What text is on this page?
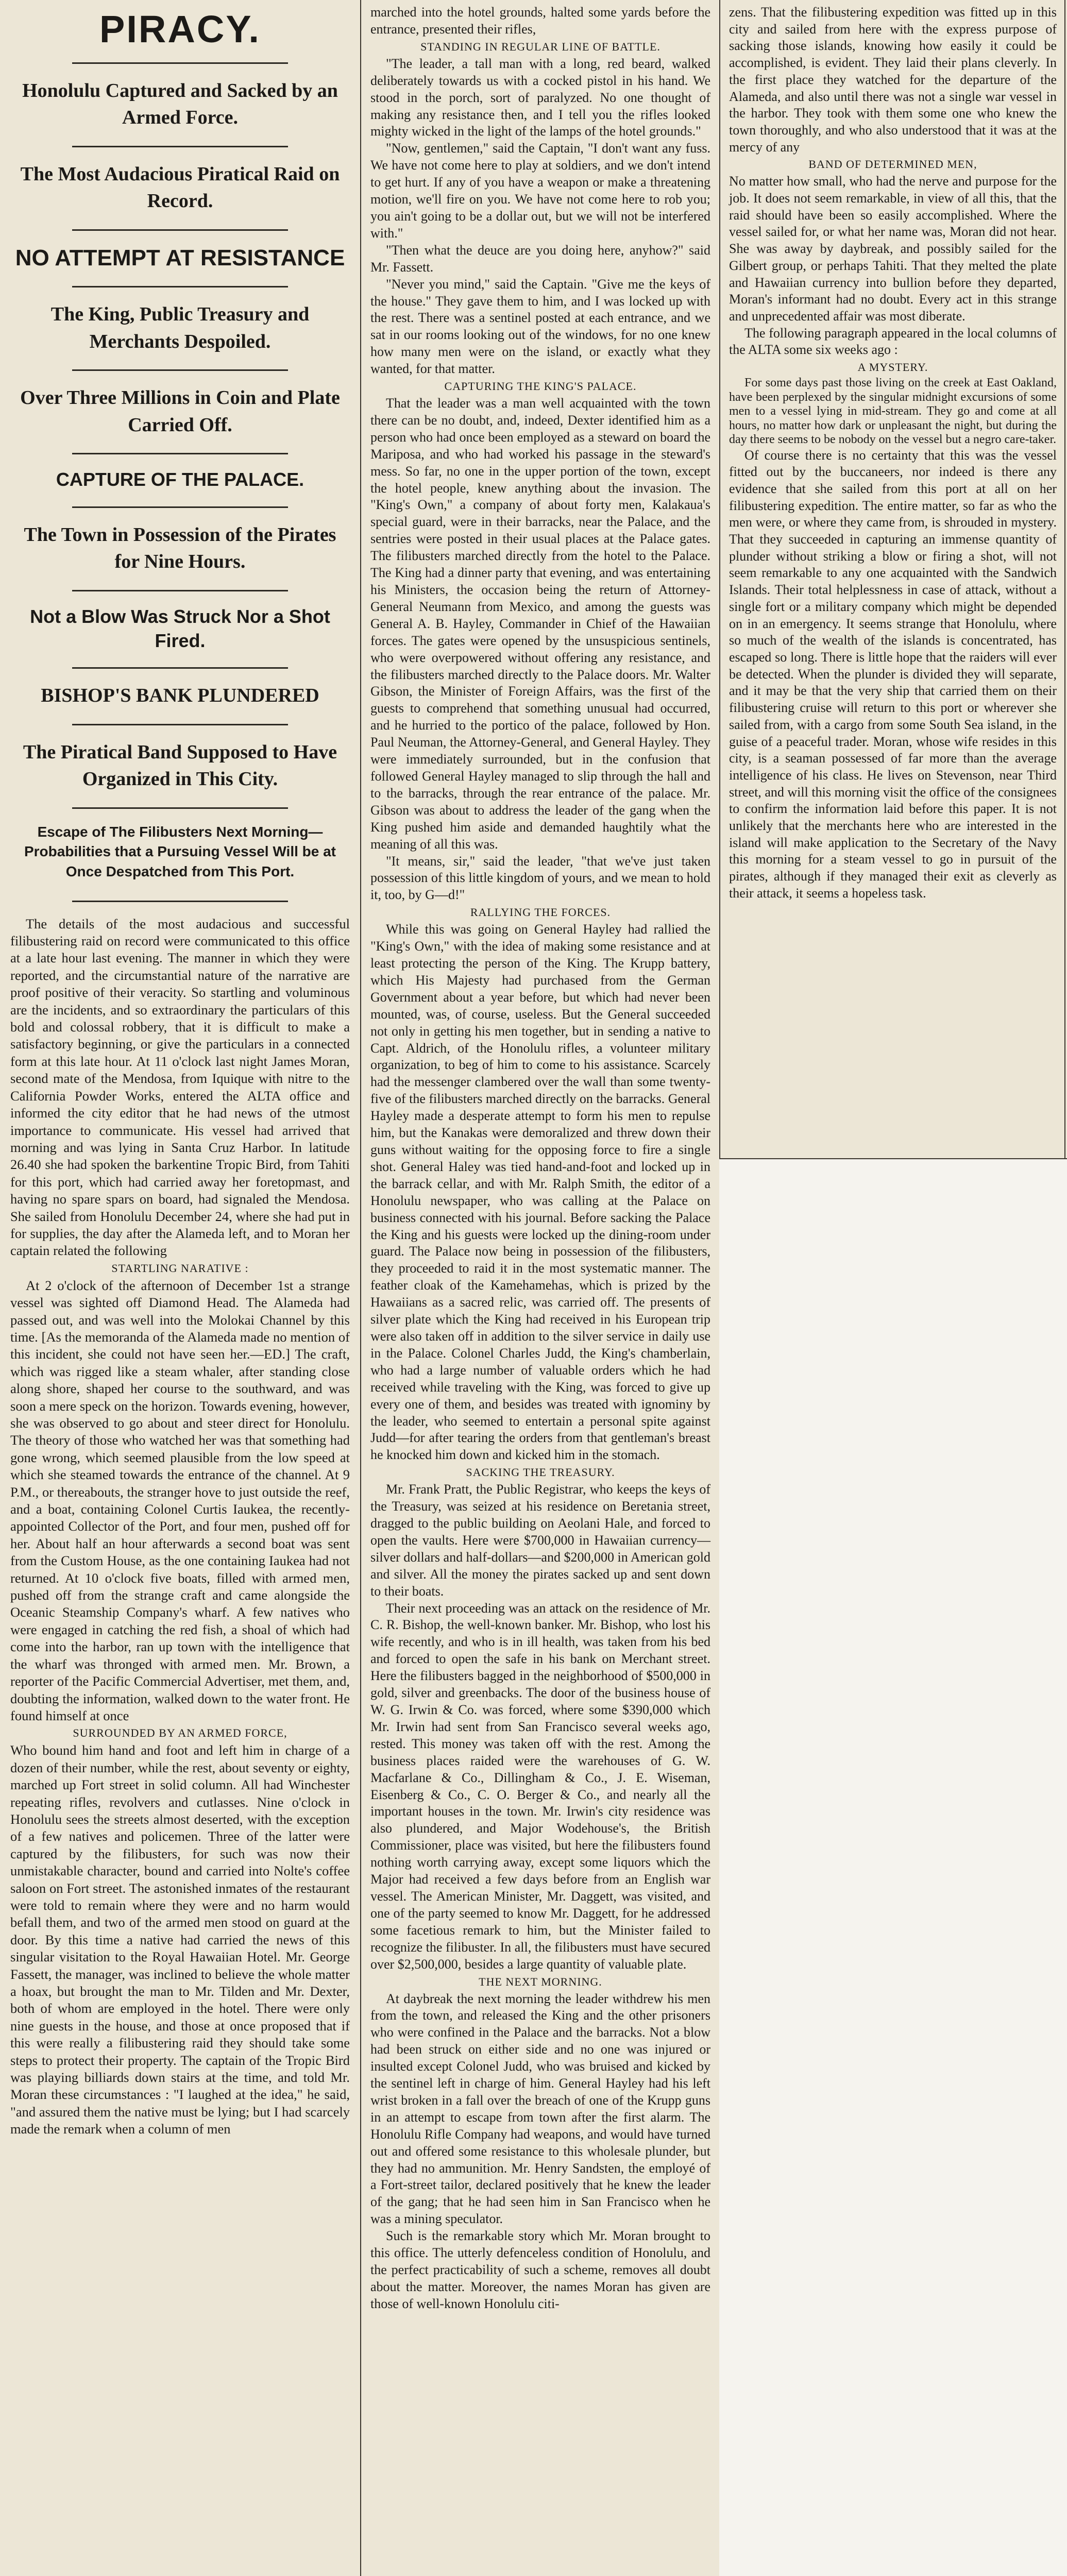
PIRACY.
Honolulu Captured and Sacked by an Armed Force.
The Most Audacious Piratical Raid on Record.
NO ATTEMPT AT RESISTANCE
The King, Public Treasury and Merchants Despoiled.
Over Three Millions in Coin and Plate Carried Off.
CAPTURE OF THE PALACE.
The Town in Possession of the Pirates for Nine Hours.
Not a Blow Was Struck Nor a Shot Fired.
BISHOP'S BANK PLUNDERED
The Piratical Band Supposed to Have Organized in This City.
Escape of The Filibusters Next Morning—Probabilities that a Pursuing Vessel Will be at Once Despatched from This Port.

The details of the most audacious and successful filibustering raid on record were communicated to this office at a late hour last evening. The manner in which they were reported, and the circumstantial nature of the narrative are proof positive of their veracity. So startling and voluminous are the incidents, and so extraordinary the particulars of this bold and colossal robbery, that it is difficult to make a satisfactory beginning, or give the particulars in a connected form at this late hour. At 11 o'clock last night James Moran, second mate of the Mendosa, from Iquique with nitre to the California Powder Works, entered the ALTA office and informed the city editor that he had news of the utmost importance to communicate. His vessel had arrived that morning and was lying in Santa Cruz Harbor. In latitude 26.40 she had spoken the barkentine Tropic Bird, from Tahiti for this port, which had carried away her foretopmast, and having no spare spars on board, had signaled the Mendosa. She sailed from Honolulu December 24, where she had put in for supplies, the day after the Alameda left, and to Moran her captain related the following

STARTLING NARATIVE :

At 2 o'clock of the afternoon of December 1st a strange vessel was sighted off Diamond Head. The Alameda had passed out, and was well into the Molokai Channel by this time. [As the memoranda of the Alameda made no mention of this incident, she could not have seen her.—ED.] The craft, which was rigged like a steam whaler, after standing close along shore, shaped her course to the southward, and was soon a mere speck on the horizon. Towards evening, however, she was observed to go about and steer direct for Honolulu. The theory of those who watched her was that something had gone wrong, which seemed plausible from the low speed at which she steamed towards the entrance of the channel. At 9 P.M., or thereabouts, the stranger hove to just outside the reef, and a boat, containing Colonel Curtis Iaukea, the recently-appointed Collector of the Port, and four men, pushed off for her. About half an hour afterwards a second boat was sent from the Custom House, as the one containing Iaukea had not returned. At 10 o'clock five boats, filled with armed men, pushed off from the strange craft and came alongside the Oceanic Steamship Company's wharf. A few natives who were engaged in catching the red fish, a shoal of which had come into the harbor, ran up town with the intelligence that the wharf was thronged with armed men. Mr. Brown, a reporter of the Pacific Commercial Advertiser, met them, and, doubting the information, walked down to the water front. He found himself at once

SURROUNDED BY AN ARMED FORCE,

Who bound him hand and foot and left him in charge of a dozen of their number, while the rest, about seventy or eighty, marched up Fort street in solid column. All had Winchester repeating rifles, revolvers and cutlasses. Nine o'clock in Honolulu sees the streets almost deserted, with the exception of a few natives and policemen. Three of the latter were captured by the filibusters, for such was now their unmistakable character, bound and carried into Nolte's coffee saloon on Fort street. The astonished inmates of the restaurant were told to remain where they were and no harm would befall them, and two of the armed men stood on guard at the door. By this time a native had carried the news of this singular visitation to the Royal Hawaiian Hotel. Mr. George Fassett, the manager, was inclined to believe the whole matter a hoax, but brought the man to Mr. Tilden and Mr. Dexter, both of whom are employed in the hotel. There were only nine guests in the house, and those at once proposed that if this were really a filibustering raid they should take some steps to protect their property. The captain of the Tropic Bird was playing billiards down stairs at the time, and told Mr. Moran these circumstances : "I laughed at the idea," he said, "and assured them the native must be lying; but I had scarcely made the remark when a column of men

marched into the hotel grounds, halted some yards before the entrance, presented their rifles,

STANDING IN REGULAR LINE OF BATTLE.

"The leader, a tall man with a long, red beard, walked deliberately towards us with a cocked pistol in his hand. We stood in the porch, sort of paralyzed. No one thought of making any resistance then, and I tell you the rifles looked mighty wicked in the light of the lamps of the hotel grounds."

"Now, gentlemen," said the Captain, "I don't want any fuss. We have not come here to play at soldiers, and we don't intend to get hurt. If any of you have a weapon or make a threatening motion, we'll fire on you. We have not come here to rob you; you ain't going to be a dollar out, but we will not be interfered with."

"Then what the deuce are you doing here, anyhow?" said Mr. Fassett.

"Never you mind," said the Captain. "Give me the keys of the house." They gave them to him, and I was locked up with the rest. There was a sentinel posted at each entrance, and we sat in our rooms looking out of the windows, for no one knew how many men were on the island, or exactly what they wanted, for that matter.

CAPTURING THE KING'S PALACE.

That the leader was a man well acquainted with the town there can be no doubt, and, indeed, Dexter identified him as a person who had once been employed as a steward on board the Mariposa, and who had worked his passage in the steward's mess. So far, no one in the upper portion of the town, except the hotel people, knew anything about the invasion. The "King's Own," a company of about forty men, Kalakaua's special guard, were in their barracks, near the Palace, and the sentries were posted in their usual places at the Palace gates. The filibusters marched directly from the hotel to the Palace. The King had a dinner party that evening, and was entertaining his Ministers, the occasion being the return of Attorney-General Neumann from Mexico, and among the guests was General A. B. Hayley, Commander in Chief of the Hawaiian forces. The gates were opened by the unsuspicious sentinels, who were overpowered without offering any resistance, and the filibusters marched directly to the Palace doors. Mr. Walter Gibson, the Minister of Foreign Affairs, was the first of the guests to comprehend that something unusual had occurred, and he hurried to the portico of the palace, followed by Hon. Paul Neuman, the Attorney-General, and General Hayley. They were immediately surrounded, but in the confusion that followed General Hayley managed to slip through the hall and to the barracks, through the rear entrance of the palace. Mr. Gibson was about to address the leader of the gang when the King pushed him aside and demanded haughtily what the meaning of all this was.

"It means, sir," said the leader, "that we've just taken possession of this little kingdom of yours, and we mean to hold it, too, by G—d!"

RALLYING THE FORCES.

While this was going on General Hayley had rallied the "King's Own," with the idea of making some resistance and at least protecting the person of the King. The Krupp battery, which His Majesty had purchased from the German Government about a year before, but which had never been mounted, was, of course, useless. But the General succeeded not only in getting his men together, but in sending a native to Capt. Aldrich, of the Honolulu rifles, a volunteer military organization, to beg of him to come to his assistance. Scarcely had the messenger clambered over the wall than some twenty-five of the filibusters marched directly on the barracks. General Hayley made a desperate attempt to form his men to repulse him, but the Kanakas were demoralized and threw down their guns without waiting for the opposing force to fire a single shot. General Haley was tied hand-and-foot and locked up in the barrack cellar, and with Mr. Ralph Smith, the editor of a Honolulu newspaper, who was calling at the Palace on business connected with his journal. Before sacking the Palace the King and his guests were locked up the dining-room under guard. The Palace now being in possession of the filibusters, they proceeded to raid it in the most systematic manner. The feather cloak of the Kamehamehas, which is prized by the Hawaiians as a sacred relic, was carried off. The presents of silver plate which the King had received in his European trip were also taken off in addition to the silver service in daily use in the Palace. Colonel Charles Judd, the King's chamberlain, who had a large number of valuable orders which he had received while traveling with the King, was forced to give up every one of them, and besides was treated with ignominy by the leader, who seemed to entertain a personal spite against Judd—for after tearing the orders from that gentleman's breast he knocked him down and kicked him in the stomach.

SACKING THE TREASURY.

Mr. Frank Pratt, the Public Registrar, who keeps the keys of the Treasury, was seized at his residence on Beretania street, dragged to the public building on Aeolani Hale, and forced to open the vaults. Here were $700,000 in Hawaiian currency—silver dollars and half-dollars—and $200,000 in American gold and silver. All the money the pirates sacked up and sent down to their boats.

Their next proceeding was an attack on the residence of Mr. C. R. Bishop, the well-known banker. Mr. Bishop, who lost his wife recently, and who is in ill health, was taken from his bed and forced to open the safe in his bank on Merchant street. Here the filibusters bagged in the neighborhood of $500,000 in gold, silver and greenbacks. The door of the business house of W. G. Irwin & Co. was forced, where some $390,000 which Mr. Irwin had sent from San Francisco several weeks ago, rested. This money was taken off with the rest. Among the business places raided were the warehouses of G. W. Macfarlane & Co., Dillingham & Co., J. E. Wiseman, Eisenberg & Co., C. O. Berger & Co., and nearly all the important houses in the town. Mr. Irwin's city residence was also plundered, and Major Wodehouse's, the British Commissioner, place was visited, but here the filibusters found nothing worth carrying away, except some liquors which the Major had received a few days before from an English war vessel. The American Minister, Mr. Daggett, was visited, and one of the party seemed to know Mr. Daggett, for he addressed some facetious remark to him, but the Minister failed to recognize the filibuster. In all, the filibusters must have secured over $2,500,000, besides a large quantity of valuable plate.

THE NEXT MORNING.

At daybreak the next morning the leader withdrew his men from the town, and released the King and the other prisoners who were confined in the Palace and the barracks. Not a blow had been struck on either side and no one was injured or insulted except Colonel Judd, who was bruised and kicked by the sentinel left in charge of him. General Hayley had his left wrist broken in a fall over the breach of one of the Krupp guns in an attempt to escape from town after the first alarm. The Honolulu Rifle Company had weapons, and would have turned out and offered some resistance to this wholesale plunder, but they had no ammunition. Mr. Henry Sandsten, the employé of a Fort-street tailor, declared positively that he knew the leader of the gang; that he had seen him in San Francisco when he was a mining speculator.

Such is the remarkable story which Mr. Moran brought to this office. The utterly defenceless condition of Honolulu, and the perfect practicability of such a scheme, removes all doubt about the matter. Moreover, the names Moran has given are those of well-known Honolulu citi-

zens. That the filibustering expedition was fitted up in this city and sailed from here with the express purpose of sacking those islands, knowing how easily it could be accomplished, is evident. They laid their plans cleverly. In the first place they watched for the departure of the Alameda, and also until there was not a single war vessel in the harbor. They took with them some one who knew the town thoroughly, and who also understood that it was at the mercy of any

BAND OF DETERMINED MEN,

No matter how small, who had the nerve and purpose for the job. It does not seem remarkable, in view of all this, that the raid should have been so easily accomplished. Where the vessel sailed for, or what her name was, Moran did not hear. She was away by daybreak, and possibly sailed for the Gilbert group, or perhaps Tahiti. That they melted the plate and Hawaiian currency into bullion before they departed, Moran's informant had no doubt. Every act in this strange and unprecedented affair was most diberate.

The following paragraph appeared in the local columns of the ALTA some six weeks ago :

A MYSTERY.

For some days past those living on the creek at East Oakland, have been perplexed by the singular midnight excursions of some men to a vessel lying in mid-stream. They go and come at all hours, no matter how dark or unpleasant the night, but during the day there seems to be nobody on the vessel but a negro care-taker.

Of course there is no certainty that this was the vessel fitted out by the buccaneers, nor indeed is there any evidence that she sailed from this port at all on her filibustering expedition. The entire matter, so far as who the men were, or where they came from, is shrouded in mystery. That they succeeded in capturing an immense quantity of plunder without striking a blow or firing a shot, will not seem remarkable to any one acquainted with the Sandwich Islands. Their total helplessness in case of attack, without a single fort or a military company which might be depended on in an emergency. It seems strange that Honolulu, where so much of the wealth of the islands is concentrated, has escaped so long. There is little hope that the raiders will ever be detected. When the plunder is divided they will separate, and it may be that the very ship that carried them on their filibustering cruise will return to this port or wherever she sailed from, with a cargo from some South Sea island, in the guise of a peaceful trader. Moran, whose wife resides in this city, is a seaman possessed of far more than the average intelligence of his class. He lives on Stevenson, near Third street, and will this morning visit the office of the consignees to confirm the information laid before this paper. It is not unlikely that the merchants here who are interested in the island will make application to the Secretary of the Navy this morning for a steam vessel to go in pursuit of the pirates, although if they managed their exit as cleverly as their attack, it seems a hopeless task.
